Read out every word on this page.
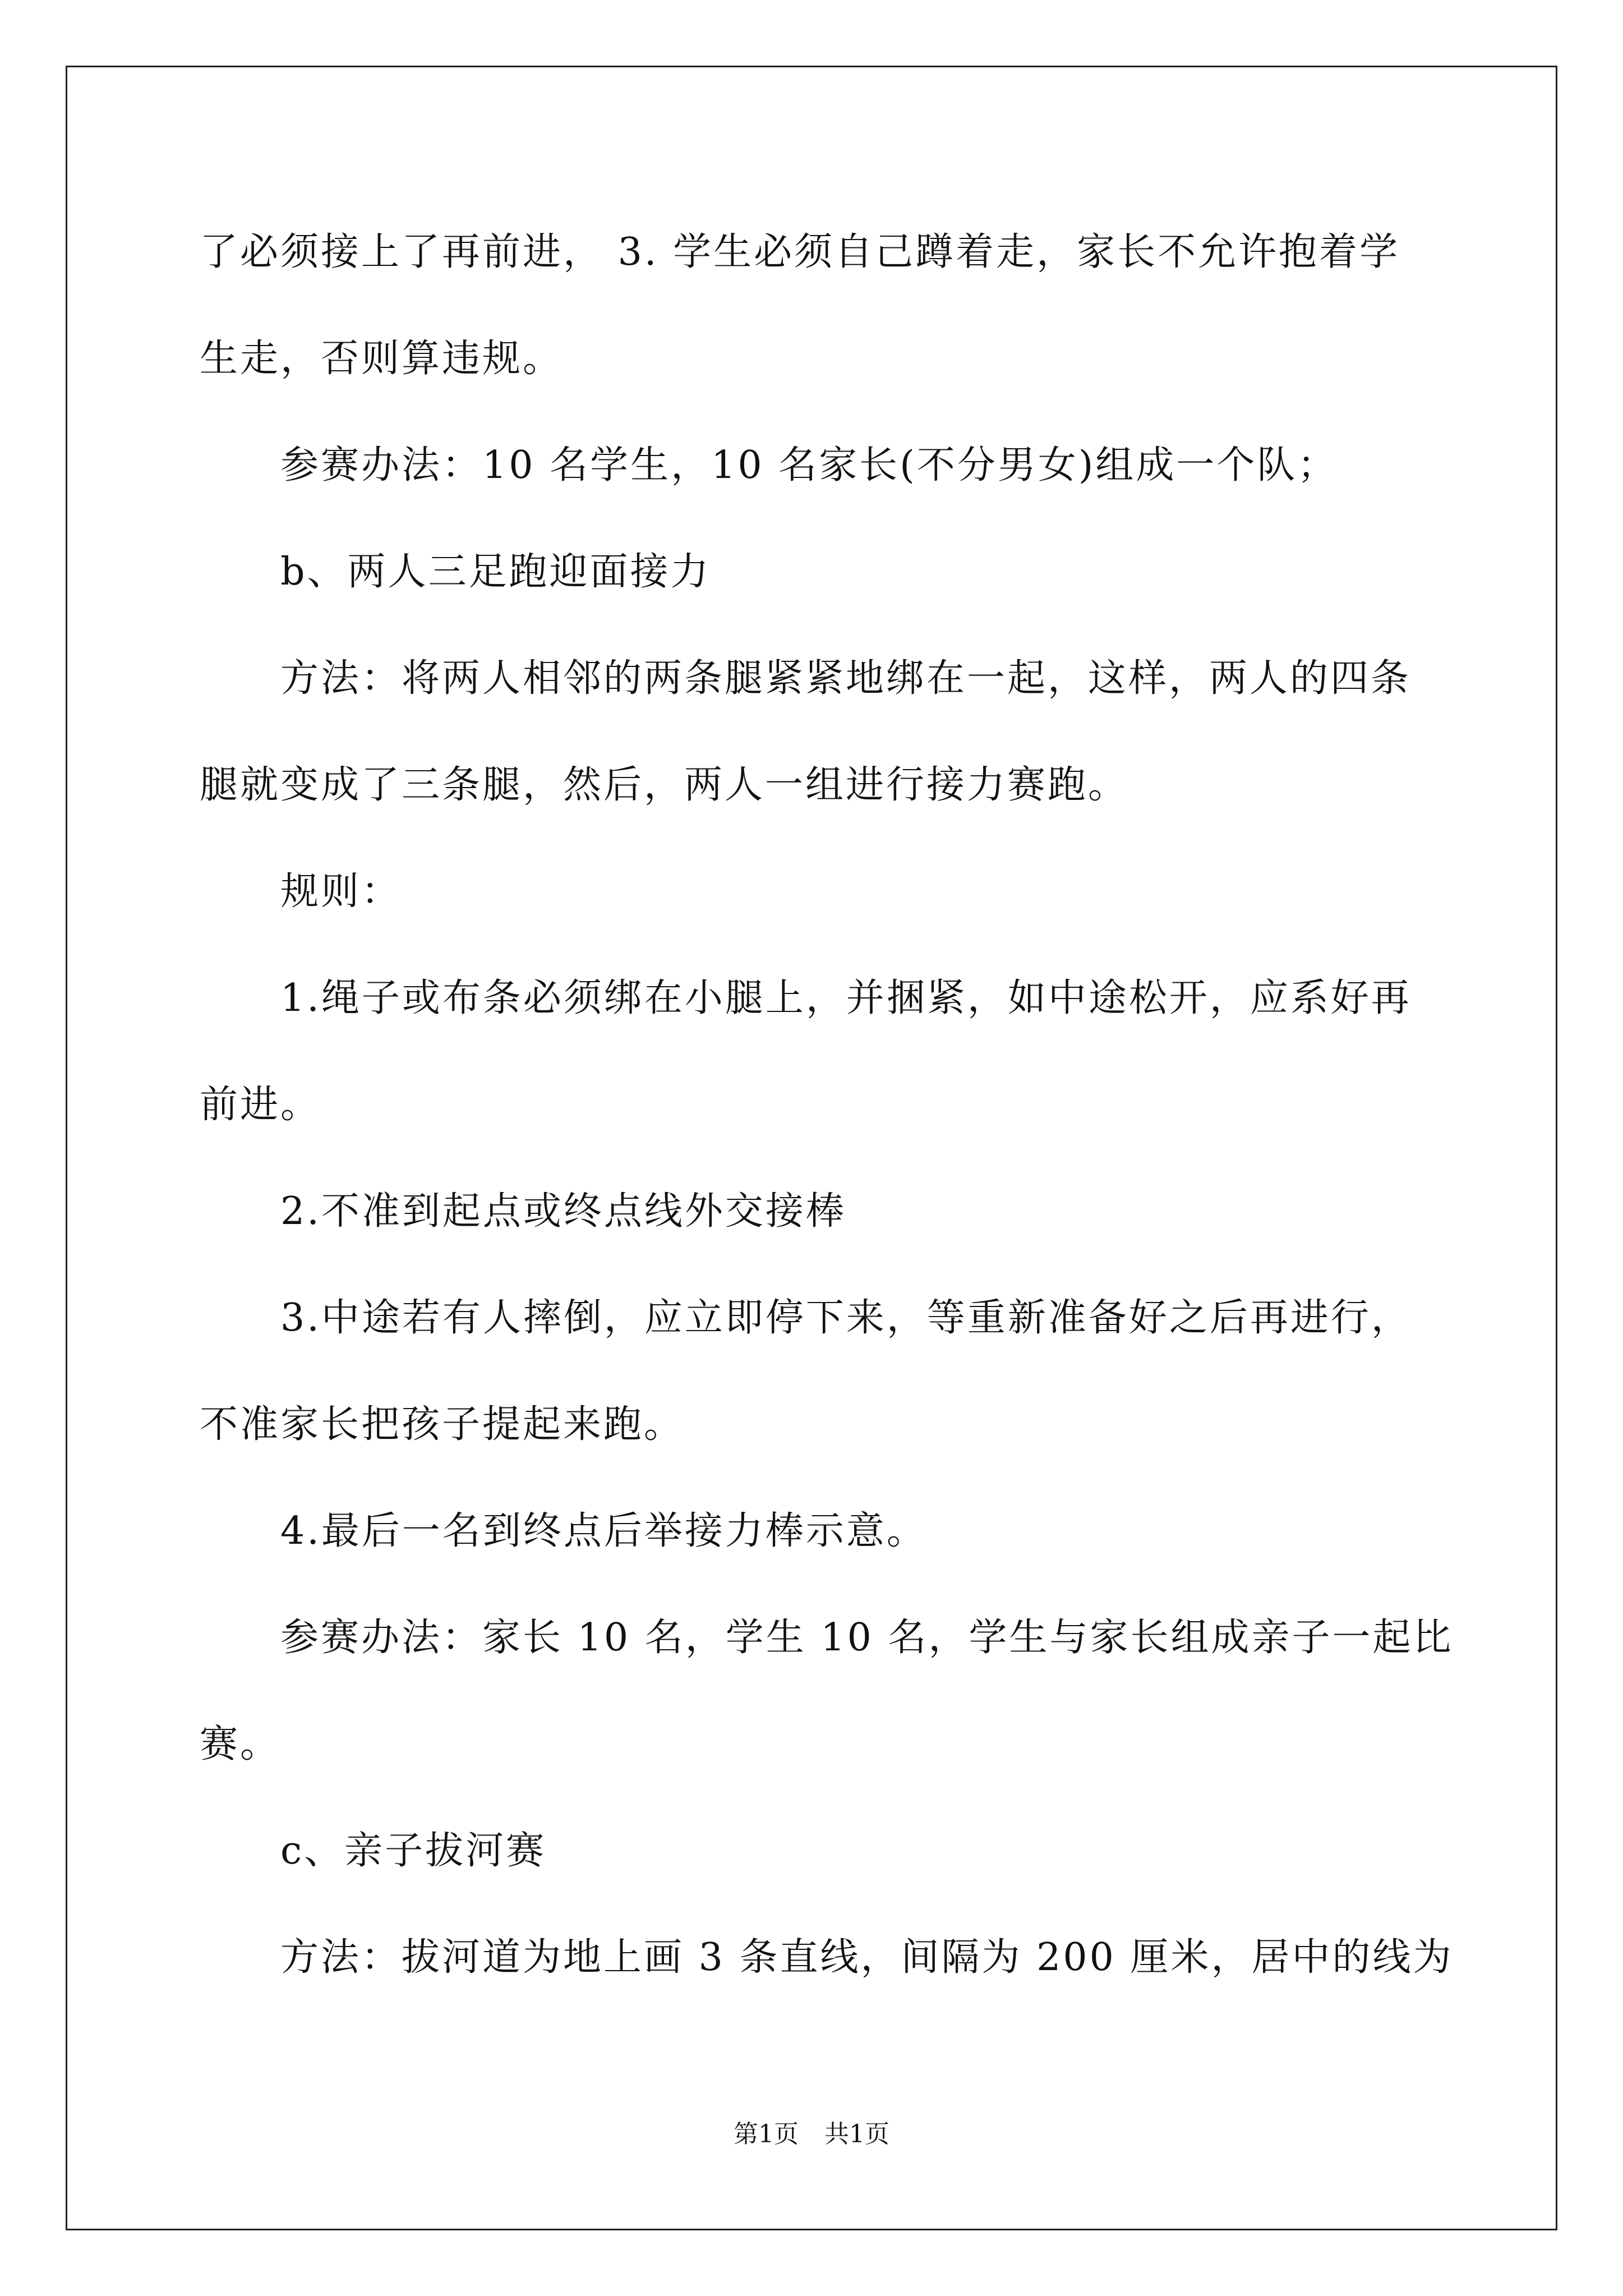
了必须接上了再前进， 3. 学生必须自己蹲着走，家长不允许抱着学
生走，否则算违规。
参赛办法：10 名学生，10 名家长(不分男女)组成一个队；
b、两人三足跑迎面接力
方法：将两人相邻的两条腿紧紧地绑在一起，这样，两人的四条
腿就变成了三条腿，然后，两人一组进行接力赛跑。
规则：
1.绳子或布条必须绑在小腿上，并捆紧，如中途松开，应系好再
前进。
2.不准到起点或终点线外交接棒
3.中途若有人摔倒，应立即停下来，等重新准备好之后再进行，
不准家长把孩子提起来跑。
4.最后一名到终点后举接力棒示意。
参赛办法：家长 10 名，学生 10 名，学生与家长组成亲子一起比
赛。
c、亲子拔河赛
方法：拔河道为地上画 3 条直线，间隔为 200 厘米，居中的线为
第1页 共1页
